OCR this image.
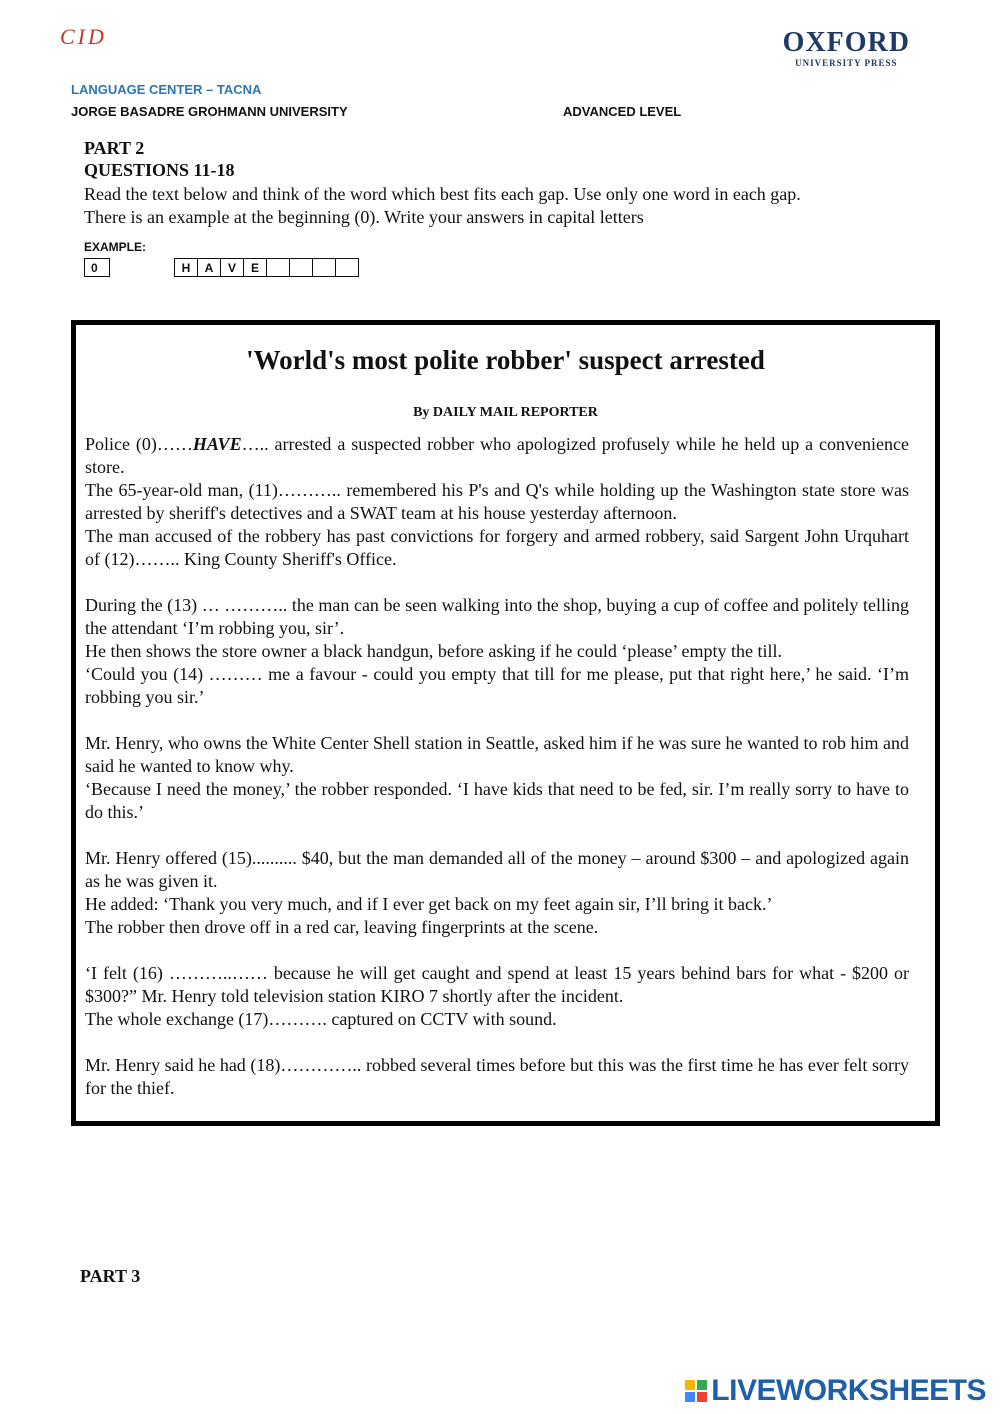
CID	OXFORD
UNIVERSITY PRESS
LANGUAGE CENTER – TACNA
JORGE BASADRE GROHMANN UNIVERSITY	ADVANCED LEVEL
PART 2
QUESTIONS 11-18
Read the text below and think of the word which best fits each gap. Use only one word in each gap.
There is an example at the beginning (0). Write your answers in capital letters
EXAMPLE:
0	H	A	V	E
'World's most polite robber' suspect arrested
By DAILY MAIL REPORTER

Police (0)……HAVE….. arrested a suspected robber who apologized profusely while he held up a convenience store.
The 65-year-old man, (11)……….. remembered his P's and Q's while holding up the Washington state store was arrested by sheriff's detectives and a SWAT team at his house yesterday afternoon.
The man accused of the robbery has past convictions for forgery and armed robbery, said Sargent John Urquhart of (12)…….. King County Sheriff's Office.

During the (13) … ……….. the man can be seen walking into the shop, buying a cup of coffee and politely telling the attendant ‘I’m robbing you, sir’.
He then shows the store owner a black handgun, before asking if he could ‘please’ empty the till.
‘Could you (14) ……… me a favour - could you empty that till for me please, put that right here,’ he said. ‘I’m robbing you sir.’

Mr. Henry, who owns the White Center Shell station in Seattle, asked him if he was sure he wanted to rob him and said he wanted to know why.
‘Because I need the money,’ the robber responded. ‘I have kids that need to be fed, sir. I’m really sorry to have to do this.’

Mr. Henry offered (15).......... $40, but the man demanded all of the money – around $300 – and apologized again as he was given it.
He added: ‘Thank you very much, and if I ever get back on my feet again sir, I’ll bring it back.’
The robber then drove off in a red car, leaving fingerprints at the scene.

‘I felt (16) ………..…… because he will get caught and spend at least 15 years behind bars for what - $200 or $300?” Mr. Henry told television station KIRO 7 shortly after the incident.
The whole exchange (17)………. captured on CCTV with sound.

Mr. Henry said he had (18)………….. robbed several times before but this was the first time he has ever felt sorry for the thief.

PART 3
LIVEWORKSHEETS
